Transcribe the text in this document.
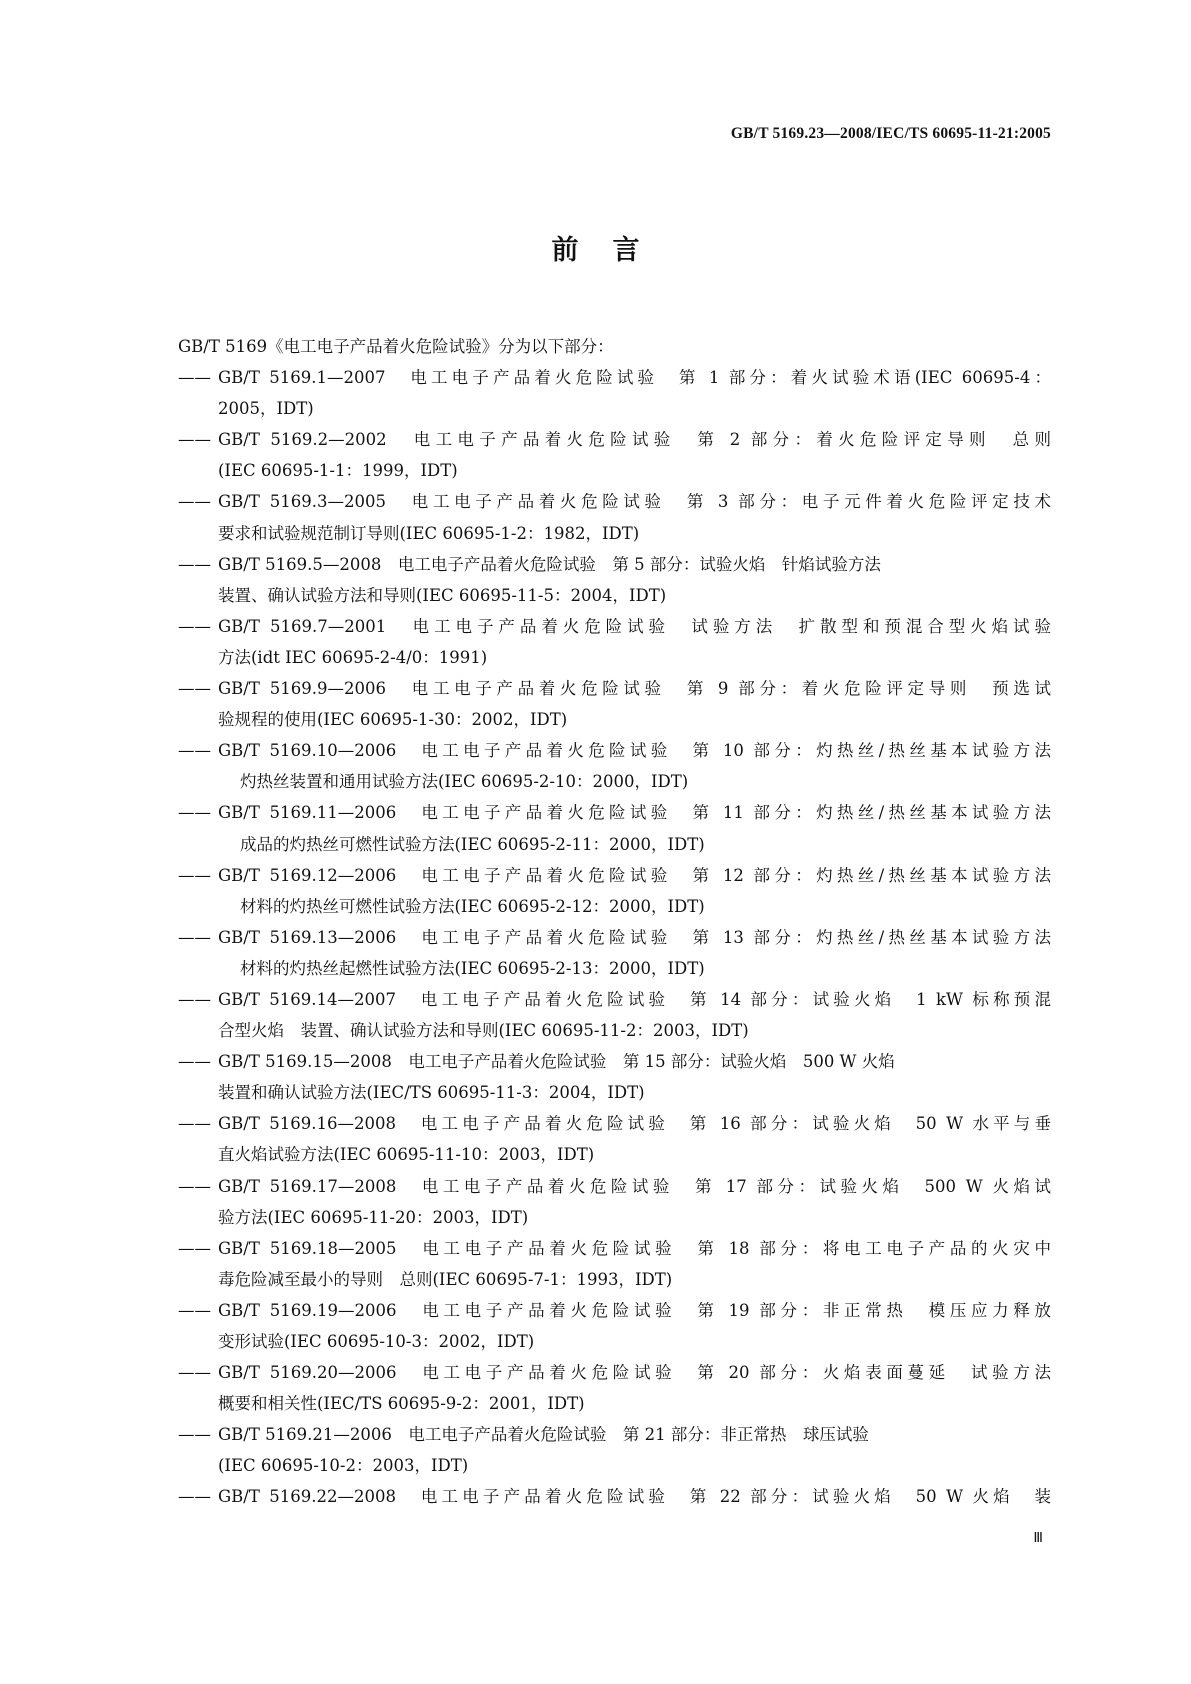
GB/T 5169.23—2008/IEC/TS 60695-11-21:2005
前言
GB/T 5169《电工电子产品着火危险试验》分为以下部分：
—— GB/T 5169.1—2007　电工电子产品着火危险试验　第 1 部分：着火试验术语(IEC 60695-4：
2005，IDT)
—— GB/T 5169.2—2002　电工电子产品着火危险试验　第 2 部分：着火危险评定导则　总则
(IEC 60695-1-1：1999，IDT)
—— GB/T 5169.3—2005　电工电子产品着火危险试验　第 3 部分：电子元件着火危险评定技术
要求和试验规范制订导则(IEC 60695-1-2：1982，IDT)
—— GB/T 5169.5—2008　电工电子产品着火危险试验　第 5 部分：试验火焰　针焰试验方法
装置、确认试验方法和导则(IEC 60695-11-5：2004，IDT)
—— GB/T 5169.7—2001　电工电子产品着火危险试验　试验方法　扩散型和预混合型火焰试验
方法(idt IEC 60695-2-4/0：1991)
—— GB/T 5169.9—2006　电工电子产品着火危险试验　第 9 部分：着火危险评定导则　预选试
验规程的使用(IEC 60695-1-30：2002，IDT)
—— GB/T 5169.10—2006　电工电子产品着火危险试验　第 10 部分：灼热丝/热丝基本试验方法
灼热丝装置和通用试验方法(IEC 60695-2-10：2000，IDT)
—— GB/T 5169.11—2006　电工电子产品着火危险试验　第 11 部分：灼热丝/热丝基本试验方法
成品的灼热丝可燃性试验方法(IEC 60695-2-11：2000，IDT)
—— GB/T 5169.12—2006　电工电子产品着火危险试验　第 12 部分：灼热丝/热丝基本试验方法
材料的灼热丝可燃性试验方法(IEC 60695-2-12：2000，IDT)
—— GB/T 5169.13—2006　电工电子产品着火危险试验　第 13 部分：灼热丝/热丝基本试验方法
材料的灼热丝起燃性试验方法(IEC 60695-2-13：2000，IDT)
—— GB/T 5169.14—2007　电工电子产品着火危险试验　第 14 部分：试验火焰　1 kW 标称预混
合型火焰　装置、确认试验方法和导则(IEC 60695-11-2：2003，IDT)
—— GB/T 5169.15—2008　电工电子产品着火危险试验　第 15 部分：试验火焰　500 W 火焰
装置和确认试验方法(IEC/TS 60695-11-3：2004，IDT)
—— GB/T 5169.16—2008　电工电子产品着火危险试验　第 16 部分：试验火焰　50 W 水平与垂
直火焰试验方法(IEC 60695-11-10：2003，IDT)
—— GB/T 5169.17—2008　电工电子产品着火危险试验　第 17 部分：试验火焰　500 W 火焰试
验方法(IEC 60695-11-20：2003，IDT)
—— GB/T 5169.18—2005　电工电子产品着火危险试验　第 18 部分：将电工电子产品的火灾中
毒危险减至最小的导则　总则(IEC 60695-7-1：1993，IDT)
—— GB/T 5169.19—2006　电工电子产品着火危险试验　第 19 部分：非正常热　模压应力释放
变形试验(IEC 60695-10-3：2002，IDT)
—— GB/T 5169.20—2006　电工电子产品着火危险试验　第 20 部分：火焰表面蔓延　试验方法
概要和相关性(IEC/TS 60695-9-2：2001，IDT)
—— GB/T 5169.21—2006　电工电子产品着火危险试验　第 21 部分：非正常热　球压试验
(IEC 60695-10-2：2003，IDT)
—— GB/T 5169.22—2008　电工电子产品着火危险试验　第 22 部分：试验火焰　50 W 火焰　装
Ⅲ
